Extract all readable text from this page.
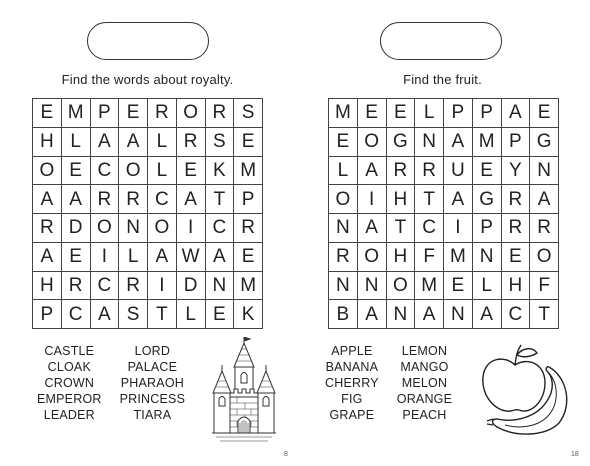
Find the words about royalty.
E M P E R O R S
H L A A L R S E
O E C O L E K M
A A R R C A T P
R D O N O I	C R
A E	I	L A W A E
H R C R	I	D N M
P C A S T L E K
CASTLE
CLOAK
CROWN
EMPEROR
LEADER
LORD
PALACE
PHARAOH
PRINCESS
TIARA
8
Find the fruit.
M E E L P P A E
E O G N A M P G
L A R R U E Y N
O I	H T A G R A
N A T C	I	P R R
R O H F M N E O
N N O M E L H F
B A N A N A C T
APPLE
BANANA
CHERRY
FIG
GRAPE
LEMON
MANGO
MELON
ORANGE
PEACH
18
